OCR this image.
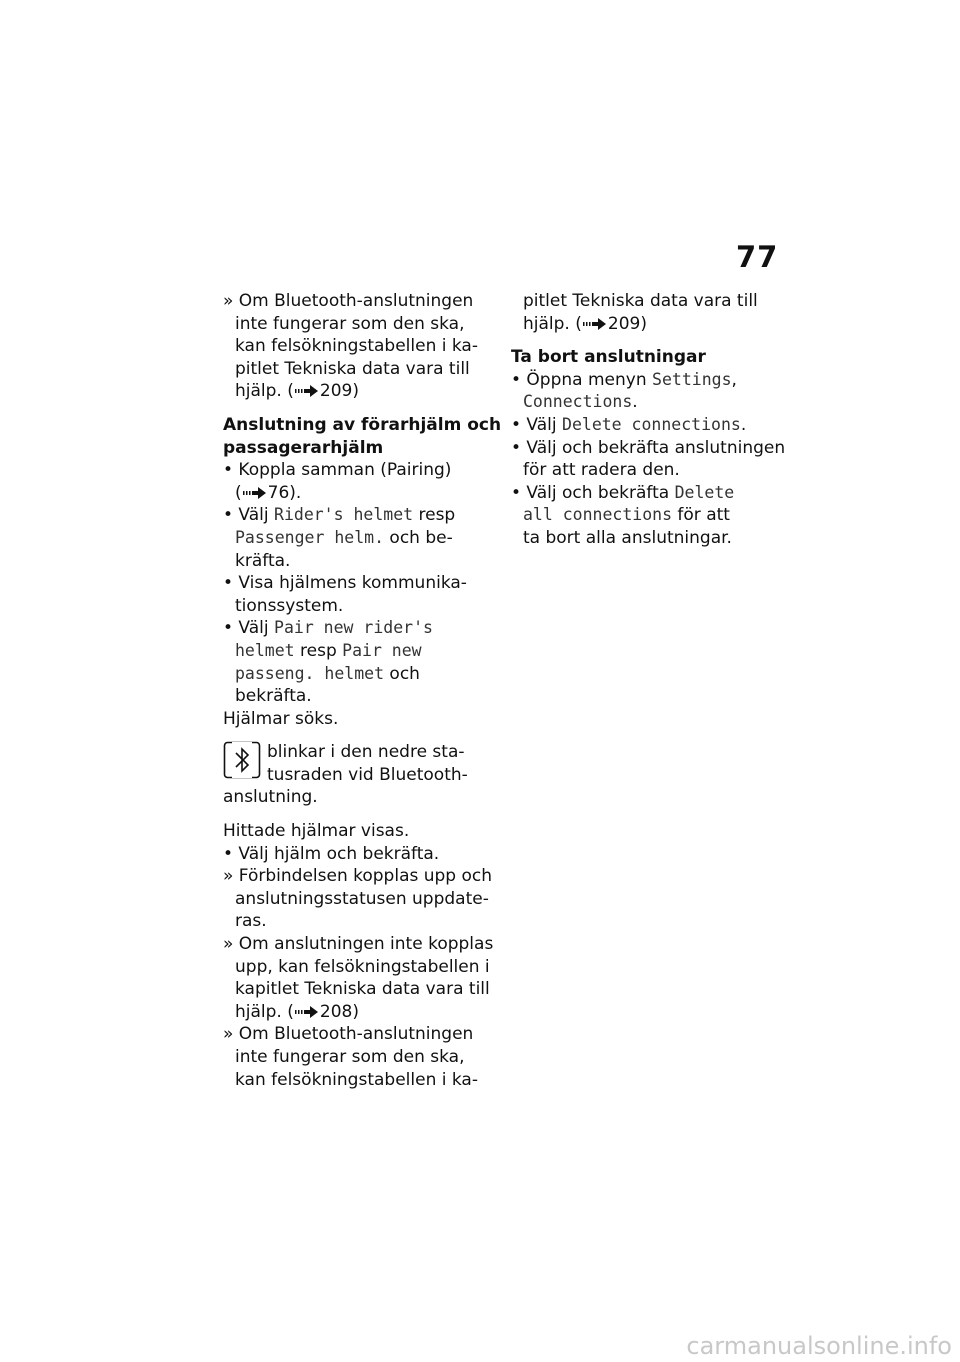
77
» Om Bluetooth-anslutningen
inte fungerar som den ska,
kan felsökningstabellen i ka-
pitlet Tekniska data vara till
hjälp. ( 209)
Anslutning av förarhjälm och
passagerarhjälm
• Koppla samman (Pairing)
( 76).
• Välj Rider's helmet resp
Passenger helm. och be-
kräfta.
• Visa hjälmens kommunika-
tionssystem.
• Välj Pair new rider's
helmet resp Pair new
passeng. helmet och
bekräfta.
Hjälmar söks.
blinkar i den nedre sta-
tusraden vid Bluetooth-
anslutning.
Hittade hjälmar visas.
• Välj hjälm och bekräfta.
» Förbindelsen kopplas upp och
anslutningsstatusen uppdate-
ras.
» Om anslutningen inte kopplas
upp, kan felsökningstabellen i
kapitlet Tekniska data vara till
hjälp. ( 208)
» Om Bluetooth-anslutningen
inte fungerar som den ska,
kan felsökningstabellen i ka-
pitlet Tekniska data vara till
hjälp. ( 209)
Ta bort anslutningar
• Öppna menyn Settings,
Connections.
• Välj Delete connections.
• Välj och bekräfta anslutningen
för att radera den.
• Välj och bekräfta Delete
all connections för att
ta bort alla anslutningar.
carmanualsonline.info
